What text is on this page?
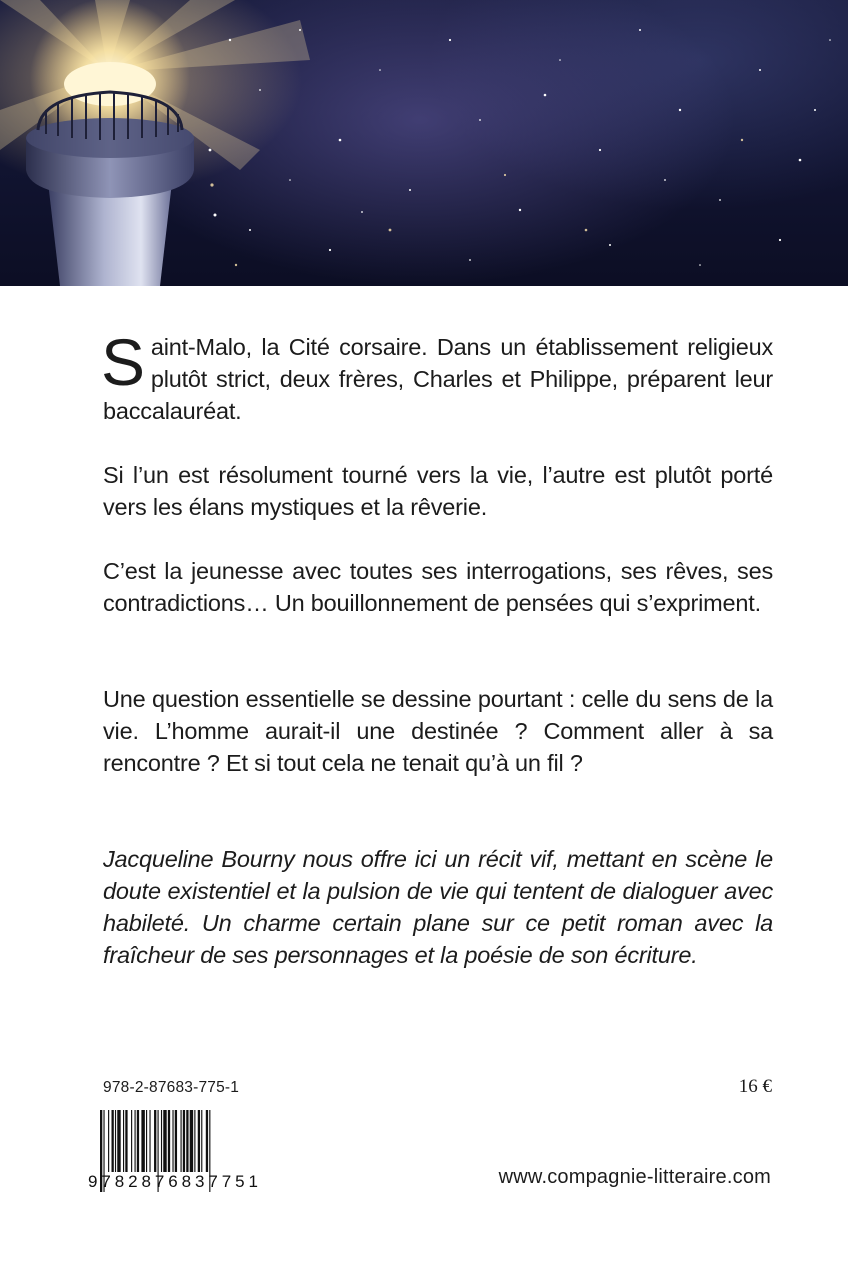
Saint-Malo, la Cité corsaire. Dans un établissement religieux plutôt strict, deux frères, Charles et Philippe, préparent leur baccalauréat.
Si l’un est résolument tourné vers la vie, l’autre est plutôt porté vers les élans mystiques et la rêverie.
C’est la jeunesse avec toutes ses interrogations, ses rêves, ses contradictions… Un bouillonnement de pensées qui s’expriment.
Une question essentielle se dessine pourtant : celle du sens de la vie. L’homme aurait-il une destinée ? Comment aller à sa rencontre ? Et si tout cela ne tenait qu’à un fil ?
Jacqueline Bourny nous offre ici un récit vif, mettant en scène le doute existentiel et la pulsion de vie qui tentent de dialoguer avec habileté. Un charme certain plane sur ce petit roman avec la fraîcheur de ses personnages et la poésie de son écriture.
978-2-87683-775-1	16 €
9782876837751	www.compagnie-litteraire.com
